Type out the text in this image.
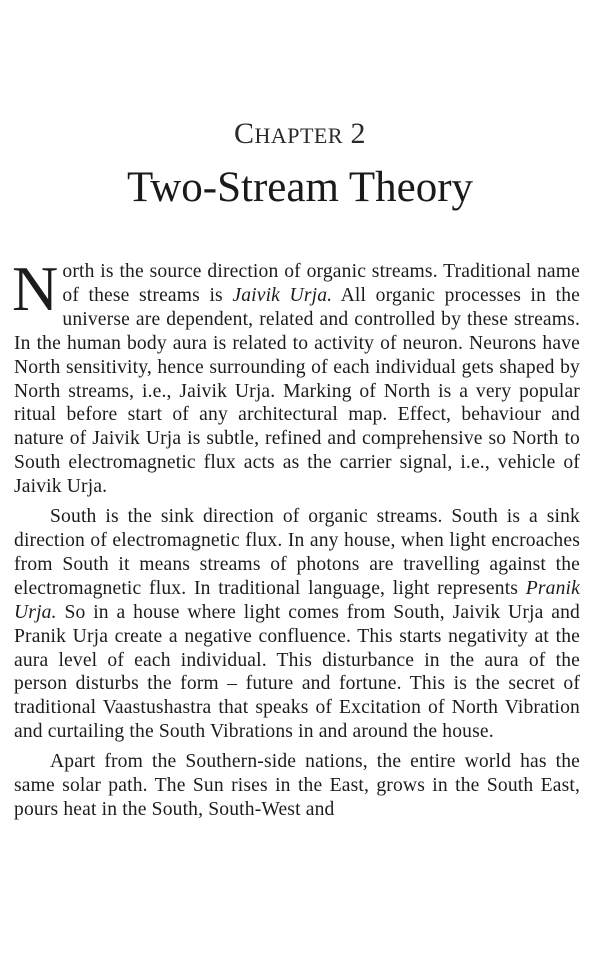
CHAPTER 2
Two-Stream Theory

North is the source direction of organic streams. Traditional name of these streams is Jaivik Urja. All organic processes in the universe are dependent, related and controlled by these streams. In the human body aura is related to activity of neuron. Neurons have North sensitivity, hence surrounding of each individual gets shaped by North streams, i.e., Jaivik Urja. Marking of North is a very popular ritual before start of any architectural map. Effect, behaviour and nature of Jaivik Urja is subtle, refined and comprehensive so North to South electromagnetic flux acts as the carrier signal, i.e., vehicle of Jaivik Urja.

South is the sink direction of organic streams. South is a sink direction of electromagnetic flux. In any house, when light encroaches from South it means streams of photons are travelling against the electromagnetic flux. In traditional language, light represents Pranik Urja. So in a house where light comes from South, Jaivik Urja and Pranik Urja create a negative confluence. This starts negativity at the aura level of each individual. This disturbance in the aura of the person disturbs the form – future and fortune. This is the secret of traditional Vaastushastra that speaks of Excitation of North Vibration and curtailing the South Vibrations in and around the house.

Apart from the Southern-side nations, the entire world has the same solar path. The Sun rises in the East, grows in the South East, pours heat in the South, South-West and
